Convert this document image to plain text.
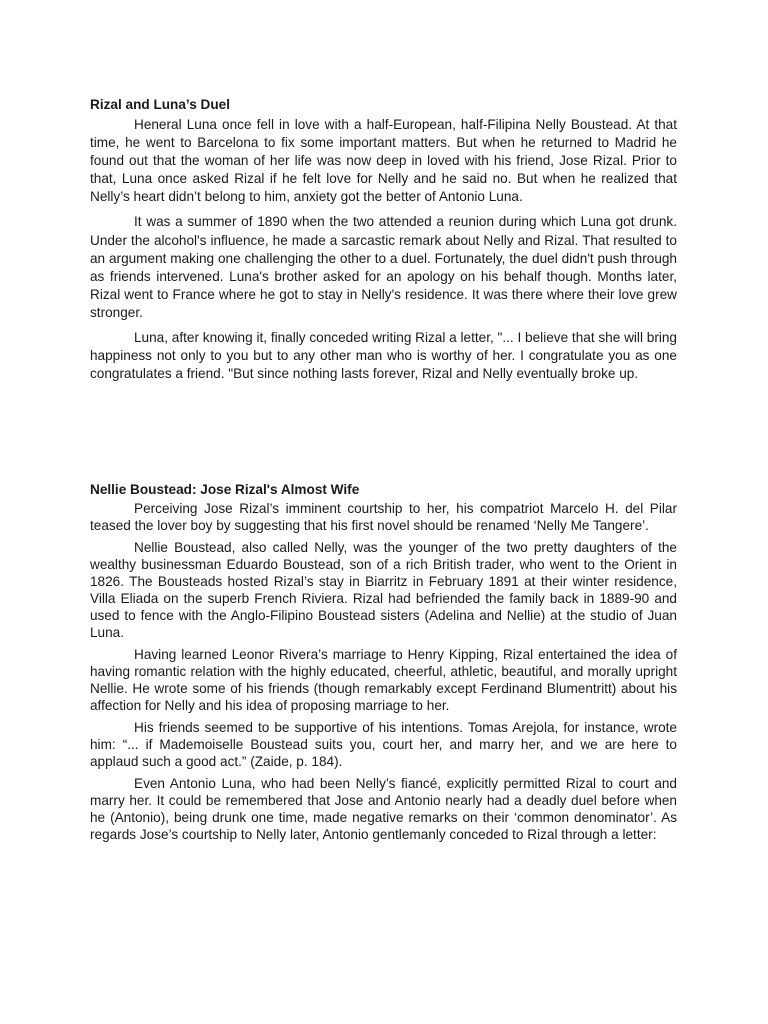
Rizal and Luna’s Duel

Heneral Luna once fell in love with a half-European, half-Filipina Nelly Boustead. At that time, he went to Barcelona to fix some important matters. But when he returned to Madrid he found out that the woman of her life was now deep in loved with his friend, Jose Rizal. Prior to that, Luna once asked Rizal if he felt love for Nelly and he said no. But when he realized that Nelly’s heart didn’t belong to him, anxiety got the better of Antonio Luna.

It was a summer of 1890 when the two attended a reunion during which Luna got drunk. Under the alcohol's influence, he made a sarcastic remark about Nelly and Rizal. That resulted to an argument making one challenging the other to a duel. Fortunately, the duel didn't push through as friends intervened. Luna's brother asked for an apology on his behalf though. Months later, Rizal went to France where he got to stay in Nelly's residence. It was there where their love grew stronger.

Luna, after knowing it, finally conceded writing Rizal a letter, "... I believe that she will bring happiness not only to you but to any other man who is worthy of her. I congratulate you as one congratulates a friend. "But since nothing lasts forever, Rizal and Nelly eventually broke up.

Nellie Boustead: Jose Rizal's Almost Wife

Perceiving Jose Rizal’s imminent courtship to her, his compatriot Marcelo H. del Pilar teased the lover boy by suggesting that his first novel should be renamed ‘Nelly Me Tangere’.

Nellie Boustead, also called Nelly, was the younger of the two pretty daughters of the wealthy businessman Eduardo Boustead, son of a rich British trader, who went to the Orient in 1826. The Bousteads hosted Rizal’s stay in Biarritz in February 1891 at their winter residence, Villa Eliada on the superb French Riviera. Rizal had befriended the family back in 1889-90 and used to fence with the Anglo-Filipino Boustead sisters (Adelina and Nellie) at the studio of Juan Luna.

Having learned Leonor Rivera’s marriage to Henry Kipping, Rizal entertained the idea of having romantic relation with the highly educated, cheerful, athletic, beautiful, and morally upright Nellie. He wrote some of his friends (though remarkably except Ferdinand Blumentritt) about his affection for Nelly and his idea of proposing marriage to her.

His friends seemed to be supportive of his intentions. Tomas Arejola, for instance, wrote him: “... if Mademoiselle Boustead suits you, court her, and marry her, and we are here to applaud such a good act.” (Zaide, p. 184).

Even Antonio Luna, who had been Nelly’s fiancé, explicitly permitted Rizal to court and marry her. It could be remembered that Jose and Antonio nearly had a deadly duel before when he (Antonio), being drunk one time, made negative remarks on their ‘common denominator’. As regards Jose’s courtship to Nelly later, Antonio gentlemanly conceded to Rizal through a letter:
